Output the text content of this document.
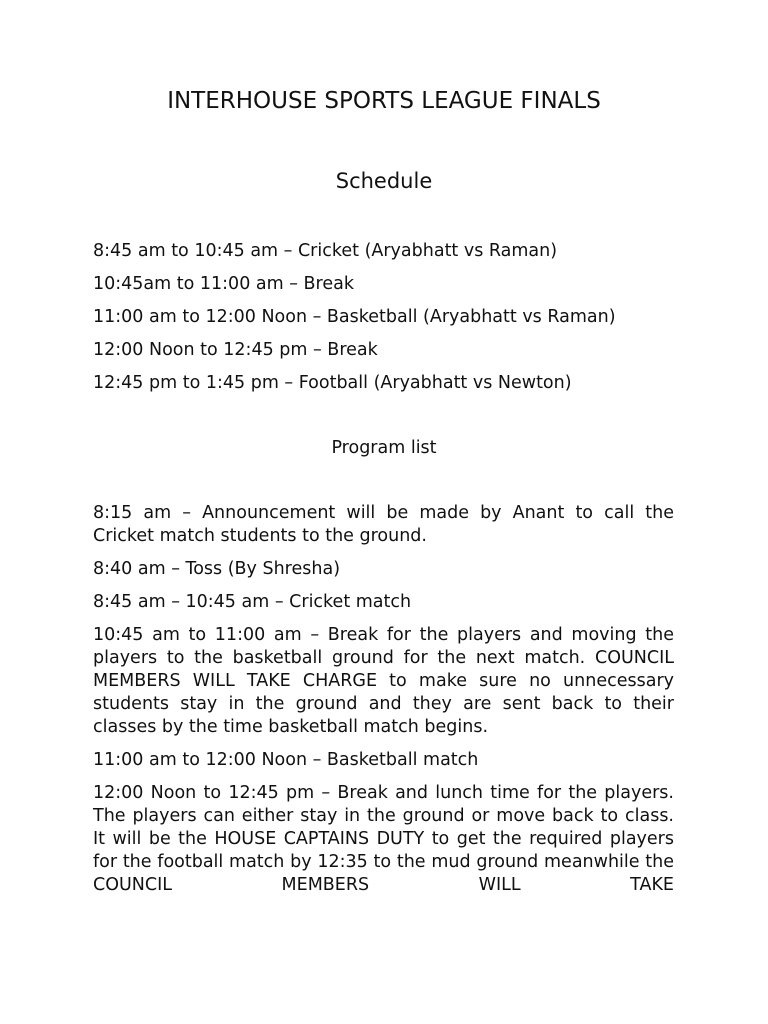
INTERHOUSE SPORTS LEAGUE FINALS
Schedule
8:45 am to 10:45 am – Cricket (Aryabhatt vs Raman)
10:45am to 11:00 am – Break
11:00 am to 12:00 Noon – Basketball (Aryabhatt vs Raman)
12:00 Noon to 12:45 pm – Break
12:45 pm to 1:45 pm – Football (Aryabhatt vs Newton)
Program list
8:15 am – Announcement will be made by Anant to call the Cricket match students to the ground.
8:40 am – Toss (By Shresha)
8:45 am – 10:45 am – Cricket match
10:45 am to 11:00 am – Break for the players and moving the players to the basketball ground for the next match. COUNCIL MEMBERS WILL TAKE CHARGE to make sure no unnecessary students stay in the ground and they are sent back to their classes by the time basketball match begins.
11:00 am to 12:00 Noon – Basketball match
12:00 Noon to 12:45 pm – Break and lunch time for the players. The players can either stay in the ground or move back to class. It will be the HOUSE CAPTAINS DUTY to get the required players for the football match by 12:35 to the mud ground meanwhile the COUNCIL MEMBERS WILL TAKE
